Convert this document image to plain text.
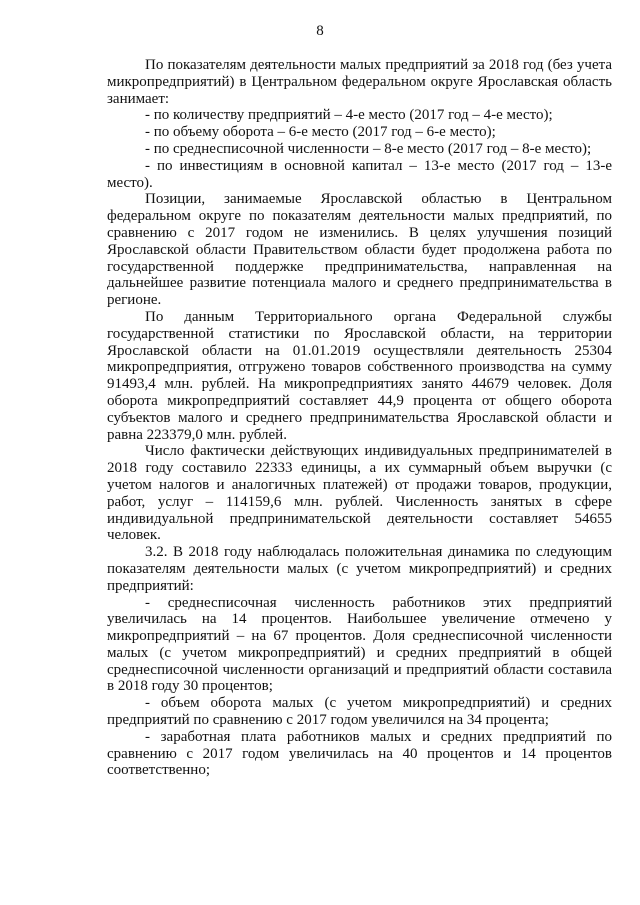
8

По показателям деятельности малых предприятий за 2018 год (без учета микропредприятий) в Центральном федеральном округе Ярославская область занимает:

- по количеству предприятий – 4-е место (2017 год – 4-е место);

- по объему оборота – 6-е место (2017 год – 6-е место);

- по среднесписочной численности – 8-е место (2017 год – 8-е место);

- по инвестициям в основной капитал – 13-е место (2017 год – 13-е место).

Позиции, занимаемые Ярославской областью в Центральном федеральном округе по показателям деятельности малых предприятий, по сравнению с 2017 годом не изменились. В целях улучшения позиций Ярославской области Правительством области будет продолжена работа по государственной поддержке предпринимательства, направленная на дальнейшее развитие потенциала малого и среднего предпринимательства в регионе.

По данным Территориального органа Федеральной службы государственной статистики по Ярославской области, на территории Ярославской области на 01.01.2019 осуществляли деятельность 25304 микропредприятия, отгружено товаров собственного производства на сумму 91493,4 млн. рублей. На микропредприятиях занято 44679 человек. Доля оборота микропредприятий составляет 44,9 процента от общего оборота субъектов малого и среднего предпринимательства Ярославской области и равна 223379,0 млн. рублей.

Число фактически действующих индивидуальных предпринимателей в 2018 году составило 22333 единицы, а их суммарный объем выручки (с учетом налогов и аналогичных платежей) от продажи товаров, продукции, работ, услуг – 114159,6 млн. рублей. Численность занятых в сфере индивидуальной предпринимательской деятельности составляет 54655 человек.

3.2. В 2018 году наблюдалась положительная динамика по следующим показателям деятельности малых (с учетом микропредприятий) и средних предприятий:

- среднесписочная численность работников этих предприятий увеличилась на 14 процентов. Наибольшее увеличение отмечено у микропредприятий – на 67 процентов. Доля среднесписочной численности малых (с учетом микропредприятий) и средних предприятий в общей среднесписочной численности организаций и предприятий области составила в 2018 году 30 процентов;

- объем оборота малых (с учетом микропредприятий) и средних предприятий по сравнению с 2017 годом увеличился на 34 процента;

- заработная плата работников малых и средних предприятий по сравнению с 2017 годом увеличилась на 40 процентов и 14 процентов соответственно;
